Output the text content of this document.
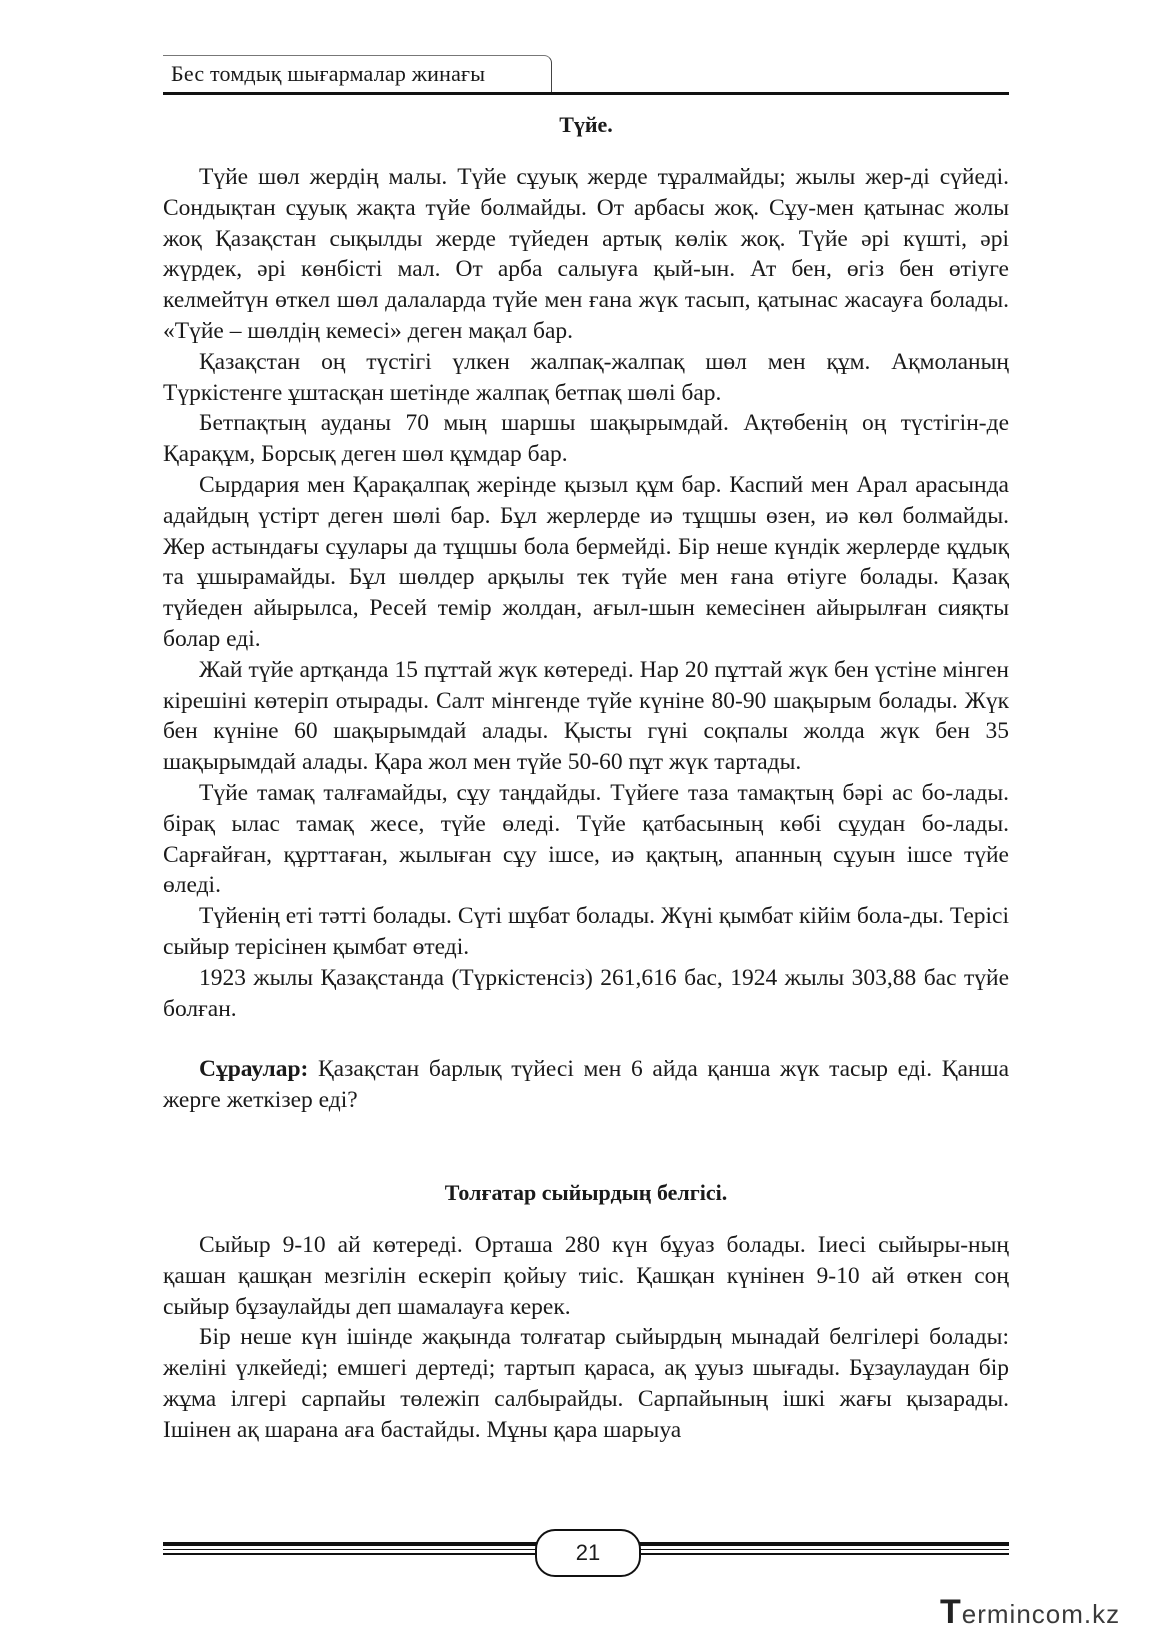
Бес томдық шығармалар жинағы
Түйе.

Түйе шөл жердің малы. Түйе сұуық жерде тұралмайды; жылы жер-ді сүйеді. Сондықтан сұуық жақта түйе болмайды. От арбасы жоқ. Сұу-мен қатынас жолы жоқ Қазақстан сықылды жерде түйеден артық көлік жоқ. Түйе әрі күшті, әрі жүрдек, әрі көнбісті мал. От арба салыуға қый-ын. Ат бен, өгіз бен өтіуге келмейтүн өткел шөл далаларда түйе мен ғана жүк тасып, қатынас жасауға болады. «Түйе – шөлдің кемесі» деген мақал бар.

Қазақстан оң түстігі үлкен жалпақ-жалпақ шөл мен құм. Ақмоланың Түркістенге ұштасқан шетінде жалпақ бетпақ шөлі бар.

Бетпақтың ауданы 70 мың шаршы шақырымдай. Ақтөбенің оң түстігін-де Қарақұм, Борсық деген шөл құмдар бар.

Сырдария мен Қарақалпақ жерінде қызыл құм бар. Каспий мен Арал арасында адайдың үстірт деген шөлі бар. Бұл жерлерде иә тұщшы өзен, иә көл болмайды. Жер астындағы сұулары да тұщшы бола бермейді. Бір неше күндік жерлерде құдық та ұшырамайды. Бұл шөлдер арқылы тек түйе мен ғана өтіуге болады. Қазақ түйеден айырылса, Ресей темір жолдан, ағыл-шын кемесінен айырылған сияқты болар еді.

Жай түйе артқанда 15 пұттай жүк көтереді. Нар 20 пұттай жүк бен үстіне мінген кірешіні көтеріп отырады. Салт мінгенде түйе күніне 80-90 шақырым болады. Жүк бен күніне 60 шақырымдай алады. Қысты гүні соқпалы жолда жүк бен 35 шақырымдай алады. Қара жол мен түйе 50-60 пұт жүк тартады.

Түйе тамақ талғамайды, сұу таңдайды. Түйеге таза тамақтың бәрі ас бо-лады. бірақ ылас тамақ жесе, түйе өледі. Түйе қатбасының көбі сұудан бо-лады. Сарғайған, құрттаған, жылыған сұу ішсе, иә қақтың, апанның сұуын ішсе түйе өледі.

Түйенің еті тәтті болады. Сүті шұбат болады. Жүні қымбат кійім бола-ды. Терісі сыйыр терісінен қымбат өтеді.

1923 жылы Қазақстанда (Түркістенсіз) 261,616 бас, 1924 жылы 303,88 бас түйе болған.

Сұраулар: Қазақстан барлық түйесі мен 6 айда қанша жүк тасыр еді. Қанша жерге жеткізер еді?

Толғатар сыйырдың белгісі.

Сыйыр 9-10 ай көтереді. Орташа 280 күн бұуаз болады. Іиесі сыйыры-ның қашан қашқан мезгілін ескеріп қойыу тиіс. Қашқан күнінен 9-10 ай өткен соң сыйыр бұзаулайды деп шамалауға керек.

Бір неше күн ішінде жақында толғатар сыйырдың мынадай белгілері болады: желіні үлкейеді; емшегі дертеді; тартып қараса, ақ ұуыз шығады. Бұзаулаудан бір жұма ілгері сарпайы төлежіп салбырайды. Сарпайының ішкі жағы қызарады. Ішінен ақ шарана аға бастайды. Мұны қара шарыуа

21
Termincom.kz
